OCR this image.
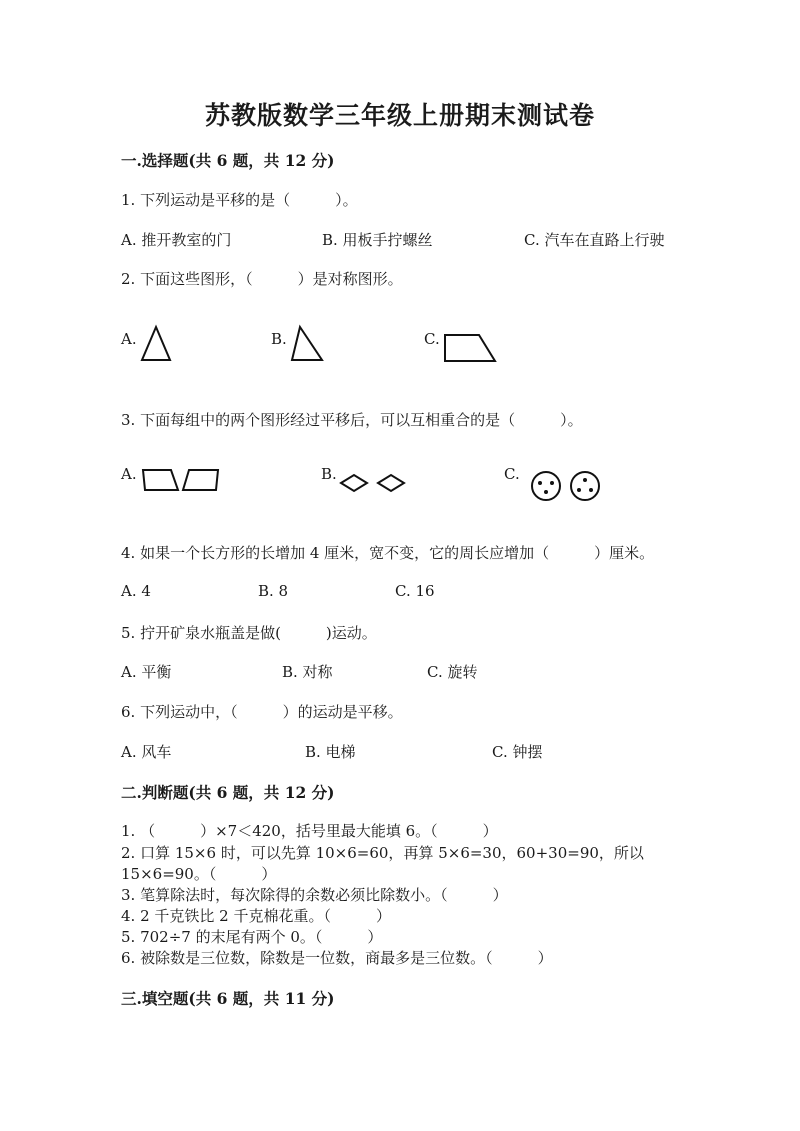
苏教版数学三年级上册期末测试卷
一.选择题(共 6 题，共 12 分)
1. 下列运动是平移的是（　　　）。
A. 推开教室的门	B. 用板手拧螺丝	C. 汽车在直路上行驶
2. 下面这些图形，（　　　）是对称图形。
A.	B.	C.
3. 下面每组中的两个图形经过平移后，可以互相重合的是（　　　）。
A.	B.	C.
4. 如果一个长方形的长增加 4 厘米，宽不变，它的周长应增加（　　　）厘米。
A. 4	B. 8	C. 16
5. 拧开矿泉水瓶盖是做(　　　)运动。
A. 平衡	B. 对称	C. 旋转
6. 下列运动中，（　　　）的运动是平移。
A. 风车	B. 电梯	C. 钟摆
二.判断题(共 6 题，共 12 分)
1. （　　　）×7＜420，括号里最大能填 6。（　　　）
2. 口算 15×6 时，可以先算 10×6=60，再算 5×6=30，60+30=90，所以
15×6=90。（　　　）
3. 笔算除法时，每次除得的余数必须比除数小。（　　　）
4. 2 千克铁比 2 千克棉花重。（　　　）
5. 702÷7 的末尾有两个 0。（　　　）
6. 被除数是三位数，除数是一位数，商最多是三位数。（　　　）
三.填空题(共 6 题，共 11 分)
